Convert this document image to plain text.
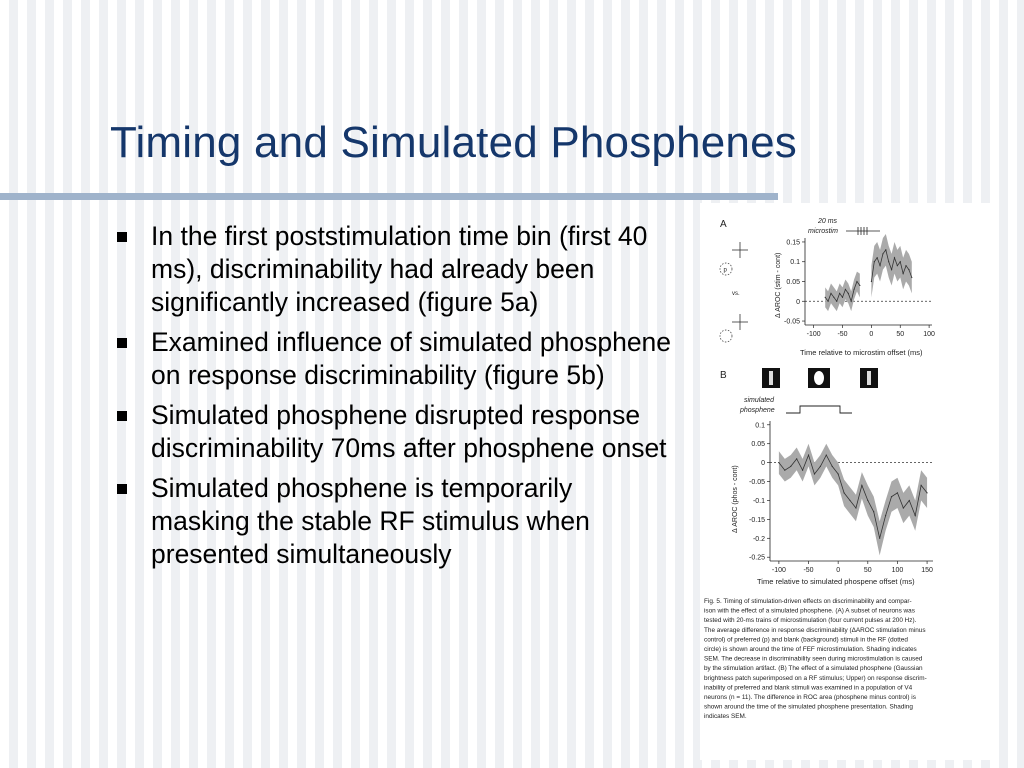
Timing and Simulated Phosphenes
In the first poststimulation time bin (first 40 ms), discriminability had already been significantly increased (figure 5a)
Examined influence of simulated phosphene on response discriminability (figure 5b)
Simulated phosphene disrupted response discriminability 70ms after phosphene onset
Simulated phosphene is temporarily masking the stable RF stimulus when presented simultaneously
A	20 ms
microstim
p
vs.	Δ AROC (stim - cont)
Time relative to microstim offset (ms)
0.15
0.1
0.05
0
-0.05
-100 -50	0	50	100
B
simulated
phosphene
Δ AROC (phos - cont)
Time relative to simulated phospene offset (ms)
0.1
0.05
0
-0.05
-0.1
-0.15
-0.2
-0.25
-100	-50	0	50	100	150
Fig. 5. Timing of stimulation-driven effects on discriminability and compar-
ison with the effect of a simulated phosphene. (A) A subset of neurons was
tested with 20-ms trains of microstimulation (four current pulses at 200 Hz).
The average difference in response discriminability (ΔAROC stimulation minus
control) of preferred (p) and blank (background) stimuli in the RF (dotted
circle) is shown around the time of FEF microstimulation. Shading indicates
SEM. The decrease in discriminability seen during microstimulation is caused
by the stimulation artifact. (B) The effect of a simulated phosphene (Gaussian
brightness patch superimposed on a RF stimulus; Upper) on response discrim-
inability of preferred and blank stimuli was examined in a population of V4
neurons (n = 11). The difference in ROC area (phosphene minus control) is
shown around the time of the simulated phosphene presentation. Shading
indicates SEM.
